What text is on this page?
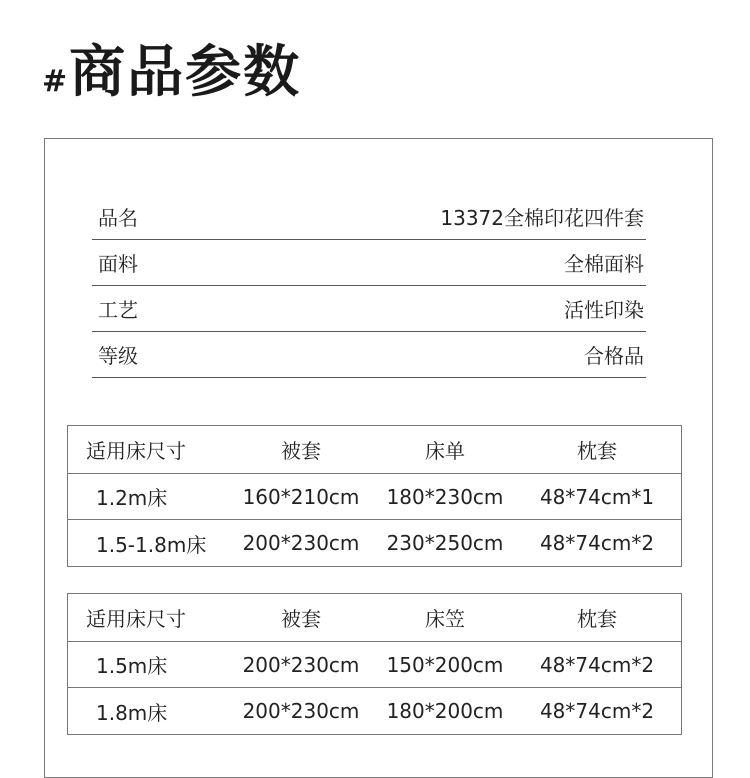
# 商品参数
品名	13372全棉印花四件套
面料	全棉面料
工艺	活性印染
等级	合格品
适用床尺寸	被套	床单	枕套
1.2m床	160*210cm	180*230cm	48*74cm*1
1.5-1.8m床	200*230cm	230*250cm	48*74cm*2
适用床尺寸	被套	床笠	枕套
1.5m床	200*230cm	150*200cm	48*74cm*2
1.8m床	200*230cm	180*200cm	48*74cm*2
